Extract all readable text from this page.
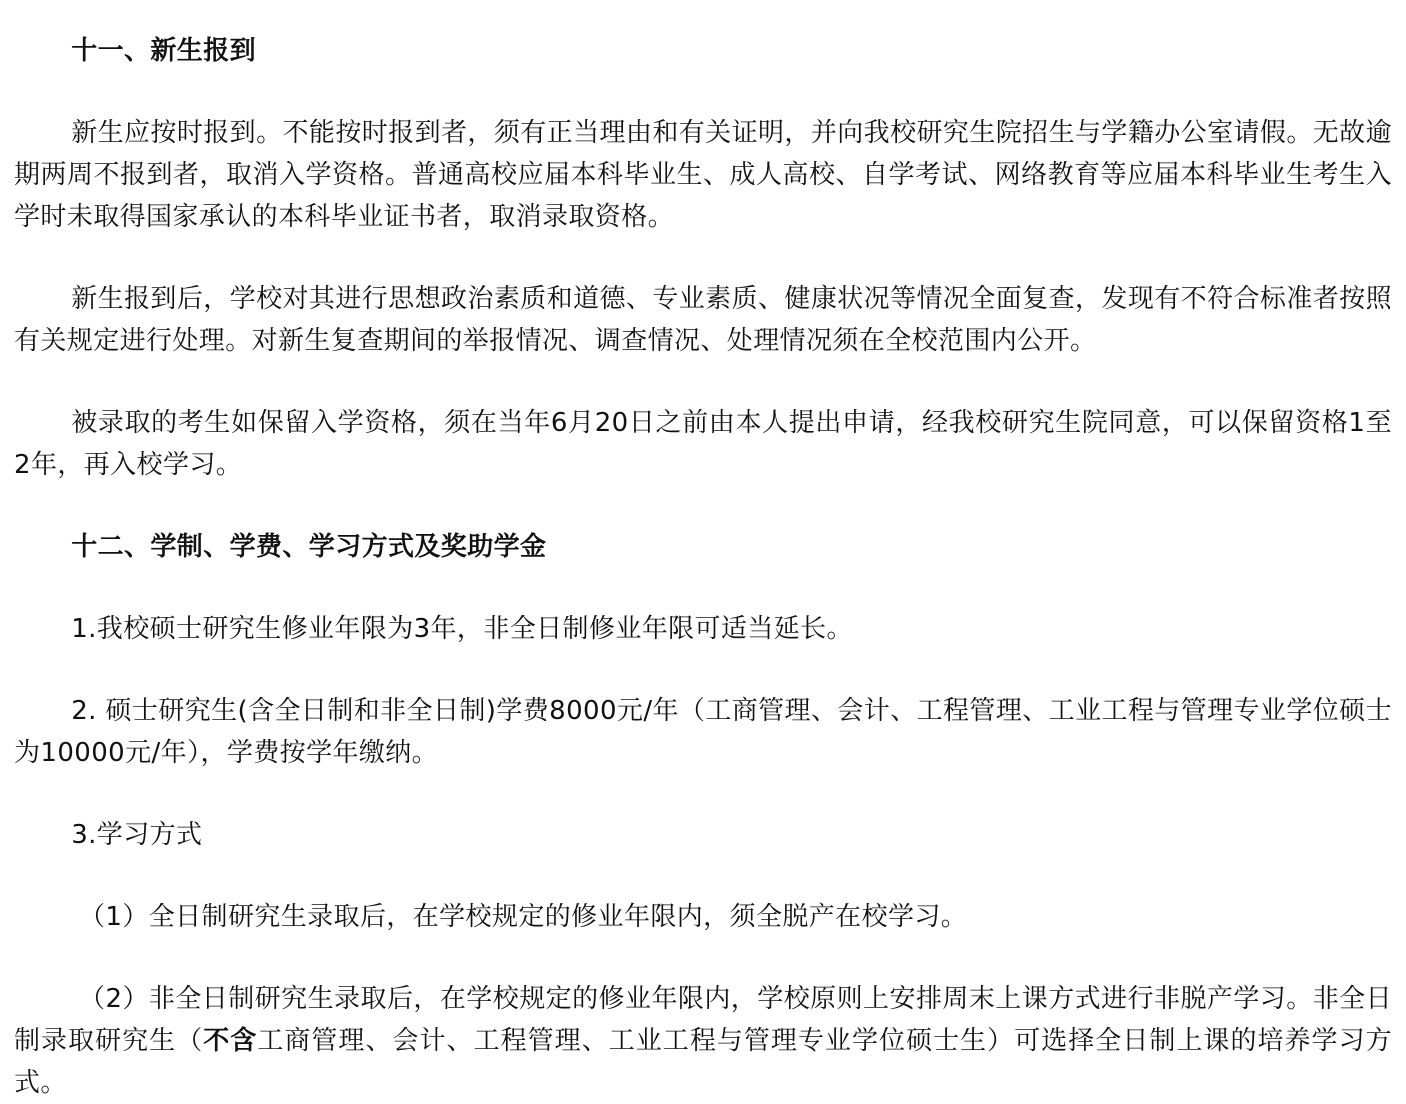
十一、新生报到

新生应按时报到。不能按时报到者，须有正当理由和有关证明，并向我校研究生院招生与学籍办公室请假。无故逾期两周不报到者，取消入学资格。普通高校应届本科毕业生、成人高校、自学考试、网络教育等应届本科毕业生考生入学时未取得国家承认的本科毕业证书者，取消录取资格。

新生报到后，学校对其进行思想政治素质和道德、专业素质、健康状况等情况全面复查，发现有不符合标准者按照有关规定进行处理。对新生复查期间的举报情况、调查情况、处理情况须在全校范围内公开。

被录取的考生如保留入学资格，须在当年6月20日之前由本人提出申请，经我校研究生院同意，可以保留资格1至2年，再入校学习。

十二、学制、学费、学习方式及奖助学金

1.我校硕士研究生修业年限为3年，非全日制修业年限可适当延长。

2. 硕士研究生(含全日制和非全日制)学费8000元/年（工商管理、会计、工程管理、工业工程与管理专业学位硕士为10000元/年），学费按学年缴纳。

3.学习方式

（1）全日制研究生录取后，在学校规定的修业年限内，须全脱产在校学习。

（2）非全日制研究生录取后，在学校规定的修业年限内，学校原则上安排周末上课方式进行非脱产学习。非全日制录取研究生（不含工商管理、会计、工程管理、工业工程与管理专业学位硕士生）可选择全日制上课的培养学习方式。
